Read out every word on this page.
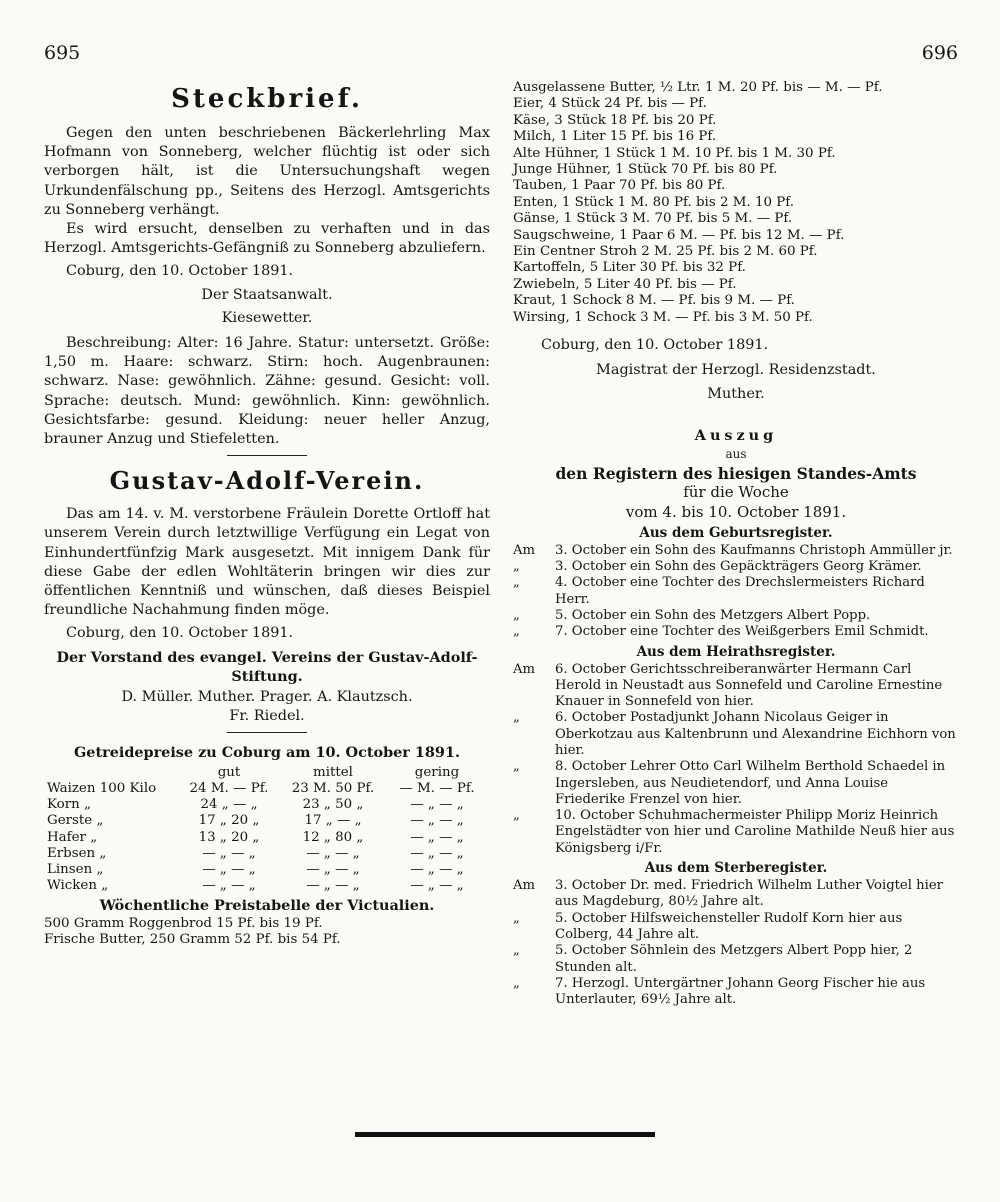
695	696
Steckbrief.

Gegen den unten beschriebenen Bäckerlehrling Max Hofmann von Sonneberg, welcher flüchtig ist oder sich verborgen hält, ist die Untersuchungshaft wegen Urkundenfälschung pp., Seitens des Herzogl. Amtsgerichts zu Sonneberg verhängt.

Es wird ersucht, denselben zu verhaften und in das Herzogl. Amtsgerichts-Gefängniß zu Sonneberg abzuliefern.

Coburg, den 10. October 1891.

Der Staatsanwalt.

Kiesewetter.

Beschreibung: Alter: 16 Jahre. Statur: untersetzt. Größe: 1,50 m. Haare: schwarz. Stirn: hoch. Augenbraunen: schwarz. Nase: gewöhnlich. Zähne: gesund. Gesicht: voll. Sprache: deutsch. Mund: gewöhnlich. Kinn: gewöhnlich. Gesichtsfarbe: gesund. Kleidung: neuer heller Anzug, brauner Anzug und Stiefeletten.

Gustav-Adolf-Verein.

Das am 14. v. M. verstorbene Fräulein Dorette Ortloff hat unserem Verein durch letztwillige Verfügung ein Legat von Einhundertfünfzig Mark ausgesetzt. Mit innigem Dank für diese Gabe der edlen Wohltäterin bringen wir dies zur öffentlichen Kenntniß und wünschen, daß dieses Beispiel freundliche Nachahmung finden möge.

Coburg, den 10. October 1891.

Der Vorstand des evangel. Vereins der Gustav-Adolf-Stiftung.

D. Müller. Muther. Prager. A. Klautzsch.

Fr. Riedel.

Getreidepreise zu Coburg am 10. October 1891.

	gut	mittel	gering
Waizen 100 Kilo	24 M. — Pf.	23 M. 50 Pf.	— M. — Pf.
Korn „	24 „ — „	23 „ 50 „	— „ — „
Gerste „	17 „ 20 „	17 „ — „	— „ — „
Hafer „	13 „ 20 „	12 „ 80 „	— „ — „
Erbsen „	— „ — „	— „ — „	— „ — „
Linsen „	— „ — „	— „ — „	— „ — „
Wicken „	— „ — „	— „ — „	— „ — „

Wöchentliche Preistabelle der Victualien.

500 Gramm Roggenbrod 15 Pf. bis 19 Pf.

Frische Butter, 250 Gramm 52 Pf. bis 54 Pf.

Ausgelassene Butter, ½ Ltr. 1 M. 20 Pf. bis — M. — Pf.
Eier, 4 Stück 24 Pf. bis — Pf.
Käse, 3 Stück 18 Pf. bis 20 Pf.
Milch, 1 Liter 15 Pf. bis 16 Pf.
Alte Hühner, 1 Stück 1 M. 10 Pf. bis 1 M. 30 Pf.
Junge Hühner, 1 Stück 70 Pf. bis 80 Pf.
Tauben, 1 Paar 70 Pf. bis 80 Pf.
Enten, 1 Stück 1 M. 80 Pf. bis 2 M. 10 Pf.
Gänse, 1 Stück 3 M. 70 Pf. bis 5 M. — Pf.
Saugschweine, 1 Paar 6 M. — Pf. bis 12 M. — Pf.
Ein Centner Stroh 2 M. 25 Pf. bis 2 M. 60 Pf.
Kartoffeln, 5 Liter 30 Pf. bis 32 Pf.
Zwiebeln, 5 Liter 40 Pf. bis — Pf.
Kraut, 1 Schock 8 M. — Pf. bis 9 M. — Pf.
Wirsing, 1 Schock 3 M. — Pf. bis 3 M. 50 Pf.

Coburg, den 10. October 1891.

Magistrat der Herzogl. Residenzstadt.

Muther.

Auszug

aus

den Registern des hiesigen Standes-Amts

für die Woche

vom 4. bis 10. October 1891.

Aus dem Geburtsregister.
Am	3. October ein Sohn des Kaufmanns Christoph Ammüller jr.
„	3. October ein Sohn des Gepäckträgers Georg Krämer.
„	4. October eine Tochter des Drechslermeisters Richard Herr.
„	5. October ein Sohn des Metzgers Albert Popp.
„	7. October eine Tochter des Weißgerbers Emil Schmidt.
Aus dem Heirathsregister.
Am	6. October Gerichtsschreiberanwärter Hermann Carl Herold in Neustadt aus Sonnefeld und Caroline Ernestine Knauer in Sonnefeld von hier.
„	6. October Postadjunkt Johann Nicolaus Geiger in Oberkotzau aus Kaltenbrunn und Alexandrine Eichhorn von hier.
„	8. October Lehrer Otto Carl Wilhelm Berthold Schaedel in Ingersleben, aus Neudietendorf, und Anna Louise Friederike Frenzel von hier.
„	10. October Schuhmachermeister Philipp Moriz Heinrich Engelstädter von hier und Caroline Mathilde Neuß hier aus Königsberg i/Fr.
Aus dem Sterberegister.
Am	3. October Dr. med. Friedrich Wilhelm Luther Voigtel hier aus Magdeburg, 80½ Jahre alt.
„	5. October Hilfsweichensteller Rudolf Korn hier aus Colberg, 44 Jahre alt.
„	5. October Söhnlein des Metzgers Albert Popp hier, 2 Stunden alt.
„	7. Herzogl. Untergärtner Johann Georg Fischer hie aus Unterlauter, 69½ Jahre alt.
